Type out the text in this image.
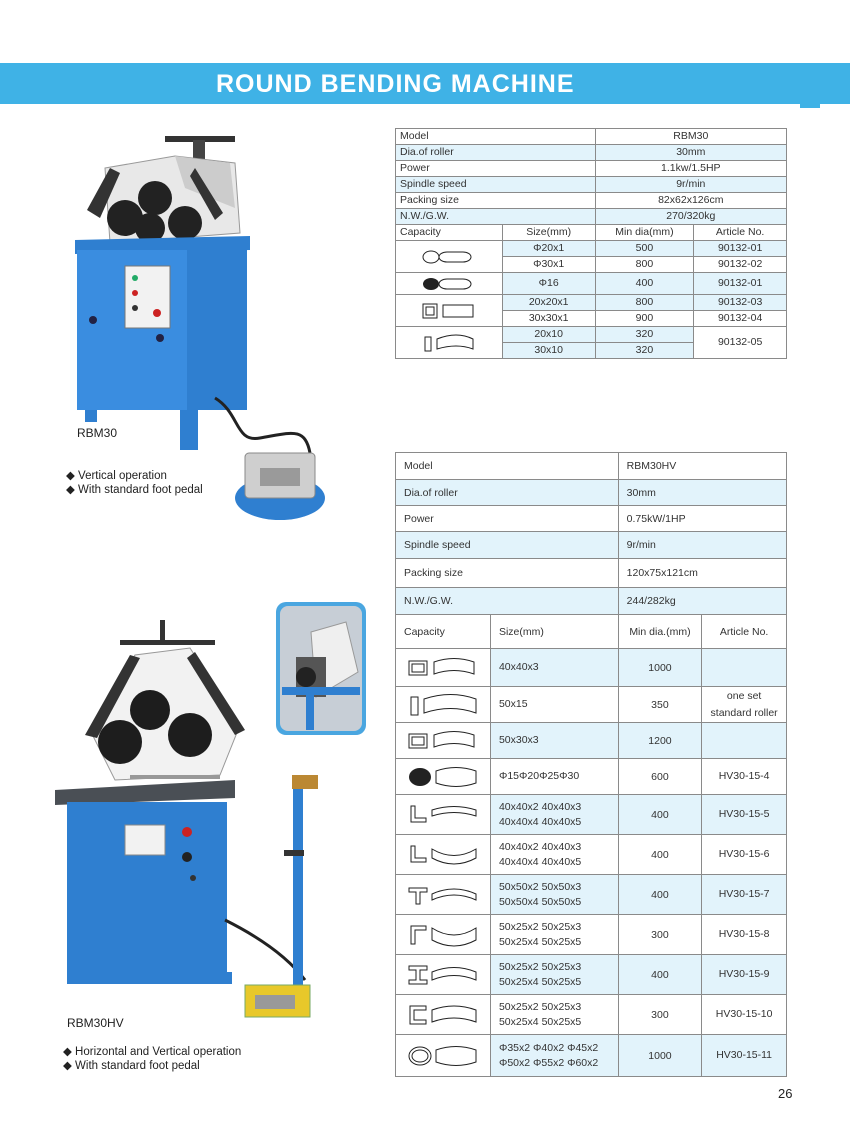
ROUND BENDING MACHINE
RBM30
◆ Vertical operation
◆ With standard foot pedal
Model		RBM30	
Dia.of roller		30mm	
Power		1.1kw/1.5HP	
Spindle speed		9r/min	
Packing size		82x62x126cm	
N.W./G.W.		270/320kg	
Capacity	Size(mm)	Min dia(mm)	Article No.

	Φ20x1	500	90132-01
	Φ30x1	800	90132-02

	Φ16	400	90132-01

	20x20x1	800	90132-03
	30x30x1	900	90132-04

	20x10	320	90132-05
	30x10	320	
Model		RBM30HV	
Dia.of roller		30mm	
Power		0.75kW/1HP	
Spindle speed		9r/min	
Packing size		120x75x121cm	
N.W./G.W.		244/282kg	
Capacity	Size(mm)	Min dia.(mm)	Article No.

40x40x3	1000	

50x15	350	one set
standard roller

50x30x3	1200	

Φ15Φ20Φ25Φ30	600	HV30-15-4

40x40x2 40x40x3
40x40x4 40x40x5	400	HV30-15-5

40x40x2 40x40x3
40x40x4 40x40x5	400	HV30-15-6

50x50x2 50x50x3
50x50x4 50x50x5	400	HV30-15-7

50x25x2 50x25x3
50x25x4 50x25x5	300	HV30-15-8

50x25x2 50x25x3
50x25x4 50x25x5	400	HV30-15-9

50x25x2 50x25x3
50x25x4 50x25x5	300	HV30-15-10

Φ35x2 Φ40x2 Φ45x2
Φ50x2 Φ55x2 Φ60x2	1000	HV30-15-11
RBM30HV
◆ Horizontal and Vertical operation
◆ With standard foot pedal
26
